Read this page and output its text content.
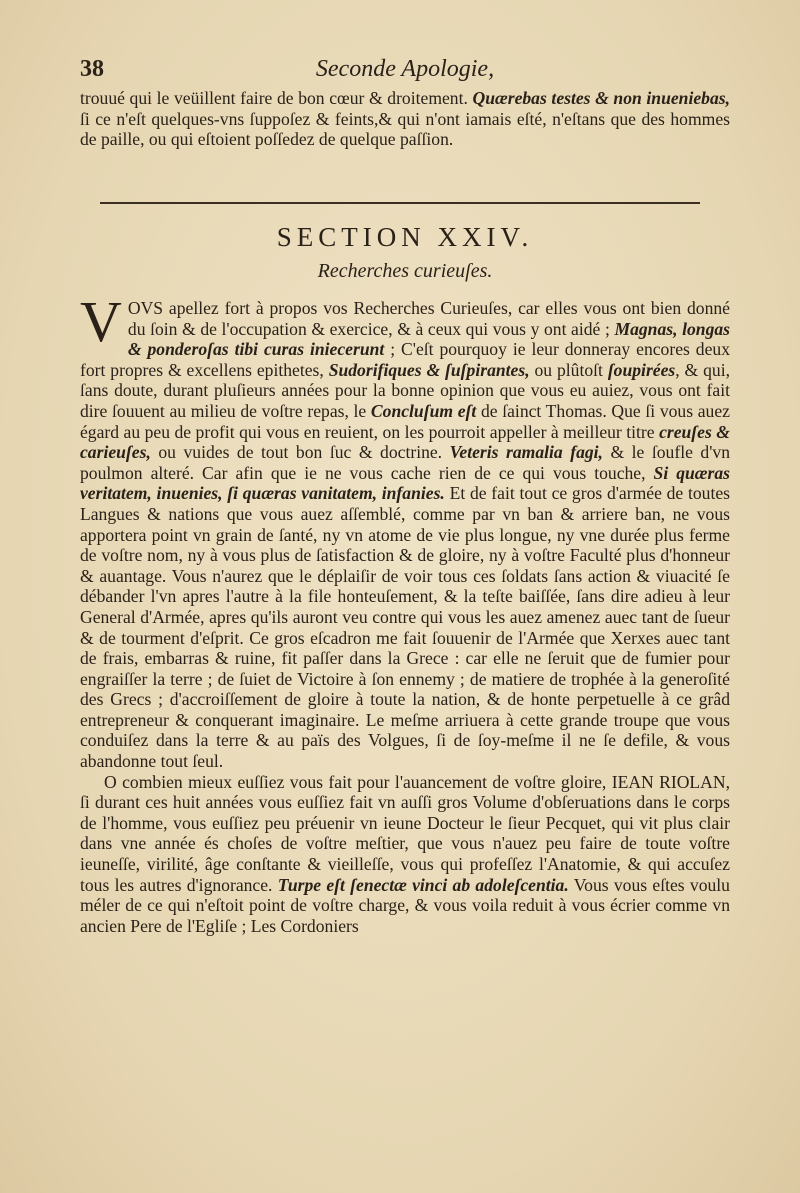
38	Seconde Apologie,
trouué qui le veüillent faire de bon cœur & droitement. Quærebas testes & non inueniebas, ſi ce n'eſt quelques-vns ſuppoſez & feints,& qui n'ont iamais eſté, n'eſtans que des hommes de paille, ou qui eſtoient poſſedez de quelque paſſion.
SECTION XXIV.
Recherches curieuſes.

V OVS apellez fort à propos vos Recherches Curieuſes, car elles vous ont bien donné du ſoin & de l'occupation & exercice, & à ceux qui vous y ont aidé ; Magnas, longas & ponderoſas tibi curas iniecerunt ; C'eſt pourquoy ie leur donneray encores deux fort propres & excellens epithetes, Sudorifiques & ſuſpirantes, ou plûtoſt ſoupirées, & qui, ſans doute, durant pluſieurs années pour la bonne opinion que vous eu auiez, vous ont fait dire ſouuent au milieu de voſtre repas, le Concluſum eſt de ſainct Thomas. Que ſi vous auez égard au peu de profit qui vous en reuient, on les pourroit appeller à meilleur titre creuſes & carieuſes, ou vuides de tout bon ſuc & doctrine. Veteris ramalia fagi, & le ſoufle d'vn poulmon alteré. Car afin que ie ne vous cache rien de ce qui vous touche, Si quæras veritatem, inuenies, ſi quæras vanitatem, infanies. Et de fait tout ce gros d'armée de toutes Langues & nations que vous auez aſſemblé, comme par vn ban & arriere ban, ne vous apportera point vn grain de ſanté, ny vn atome de vie plus longue, ny vne durée plus ferme de voſtre nom, ny à vous plus de ſatisfaction & de gloire, ny à voſtre Faculté plus d'honneur & auantage. Vous n'aurez que le déplaiſir de voir tous ces ſoldats ſans action & viuacité ſe débander l'vn apres l'autre à la file honteuſement, & la teſte baiſſée, ſans dire adieu à leur General d'Armée, apres qu'ils auront veu contre qui vous les auez amenez auec tant de ſueur & de tourment d'eſprit. Ce gros eſcadron me fait ſouuenir de l'Armée que Xerxes auec tant de frais, embarras & ruine, fit paſſer dans la Grece : car elle ne ſeruit que de fumier pour engraiſſer la terre ; de ſuiet de Victoire à ſon ennemy ; de matiere de trophée à la generoſité des Grecs ; d'accroiſſement de gloire à toute la nation, & de honte perpetuelle à ce grâd entrepreneur & conquerant imaginaire. Le meſme arriuera à cette grande troupe que vous conduiſez dans la terre & au païs des Volgues, ſi de ſoy-meſme il ne ſe defile, & vous abandonne tout ſeul.

O combien mieux euſſiez vous fait pour l'auancement de voſtre gloire, IEAN RIOLAN, ſi durant ces huit années vous euſſiez fait vn auſſi gros Volume d'obſeruations dans le corps de l'homme, vous euſſiez peu préuenir vn ieune Docteur le ſieur Pecquet, qui vit plus clair dans vne année és choſes de voſtre meſtier, que vous n'auez peu faire de toute voſtre ieuneſſe, virilité, âge conſtante & vieilleſſe, vous qui profeſſez l'Anatomie, & qui accuſez tous les autres d'ignorance. Turpe eſt ſenectæ vinci ab adoleſcentia. Vous vous eſtes voulu méler de ce qui n'eſtoit point de voſtre charge, & vous voila reduit à vous écrier comme vn ancien Pere de l'Egliſe ; Les Cordoniers
